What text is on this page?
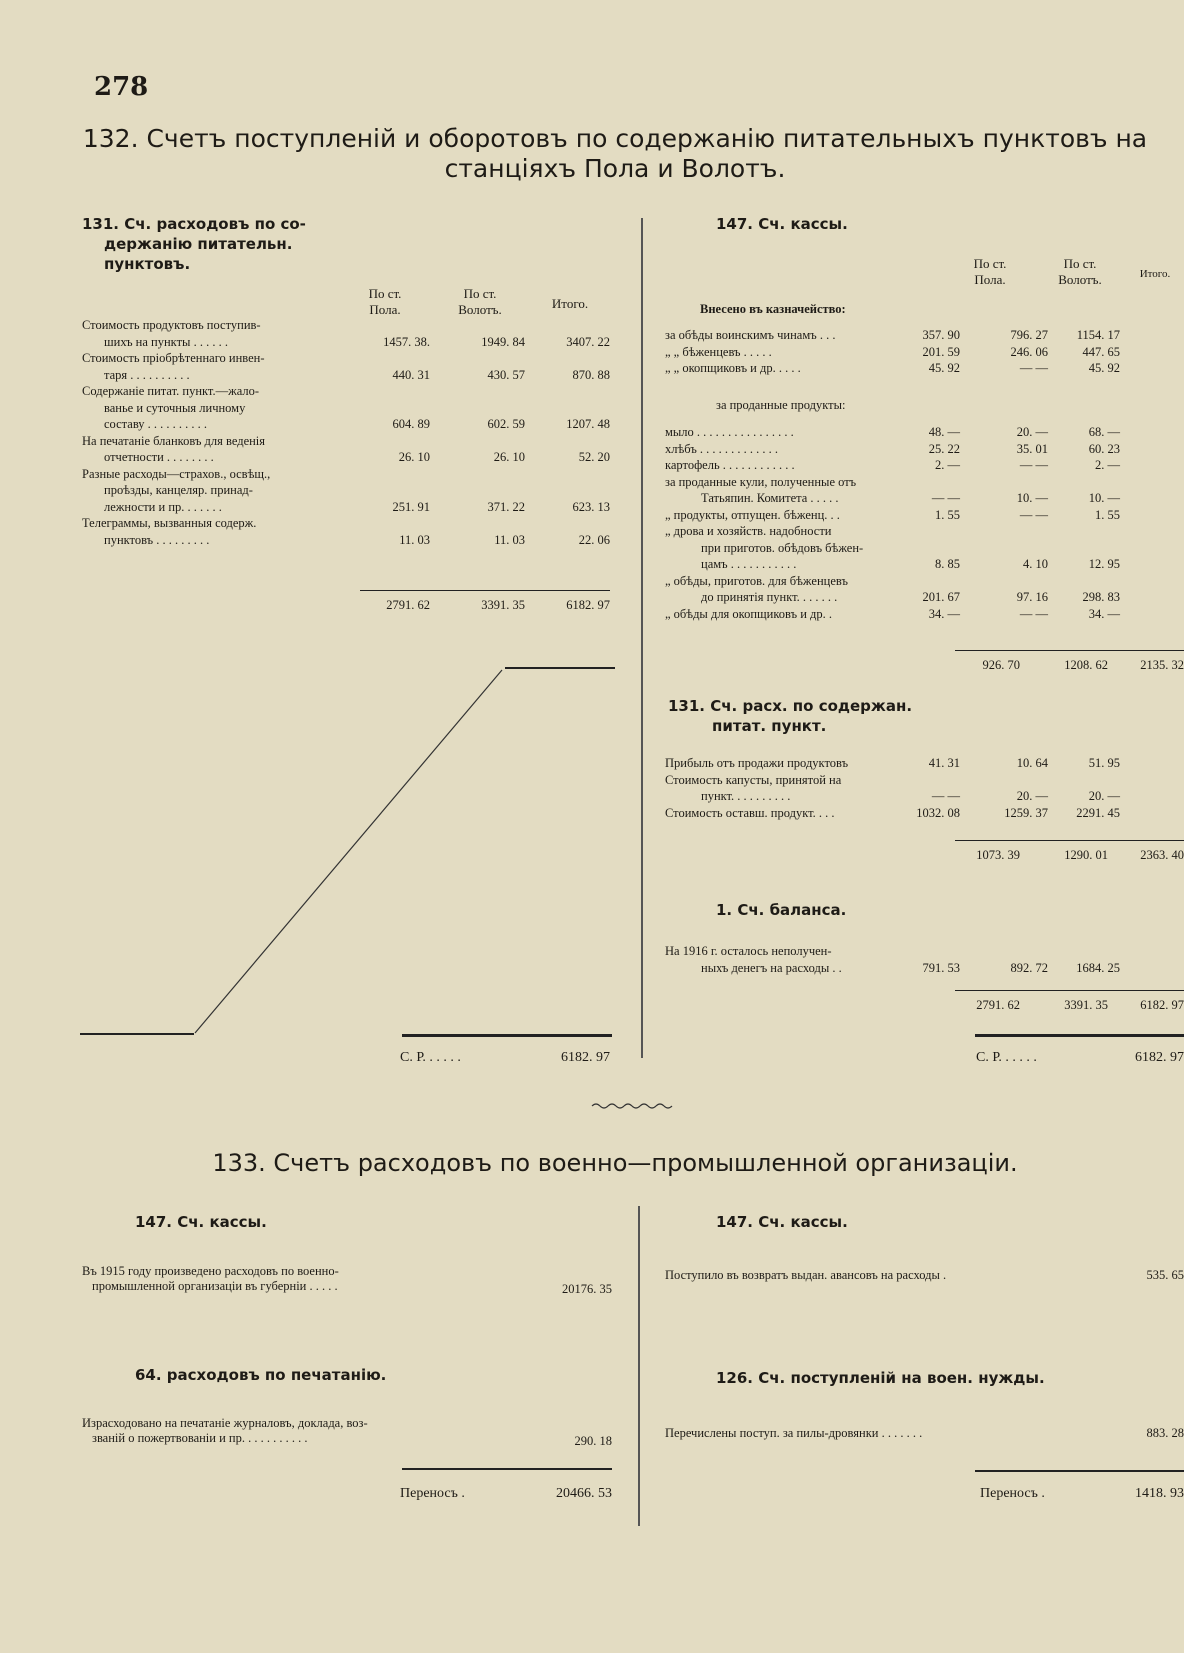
278
132. Счетъ поступленій и оборотовъ по содержанію питательныхъ пунктовъ на
станціяхъ Пола и Волотъ.
131. Сч. расходовъ по со-
держанію питательн.
пунктовъ.
По ст. Пола.
По ст. Волотъ.	Итого.
Стоимость продуктовъ поступив-
шихъ на пункты . . . . . .	1457. 38.	1949. 84	3407. 22
Стоимость пріобрѣтеннаго инвен-
таря . . . . . . . . . .	440. 31	430. 57	870. 88
Содержаніе питат. пункт.—жало-
ванье и суточныя личному
составу . . . . . . . . . .	604. 89	602. 59	1207. 48
На печатаніе бланковъ для веденія
отчетности . . . . . . . .	26. 10	26. 10	52. 20
Разные расходы—страхов., освѣщ.,
проѣзды, канцеляр. принад-
лежности и пр. . . . . . .	251. 91	371. 22	623. 13
Телеграммы, вызванныя содерж.
пунктовъ . . . . . . . . .	11. 03	11. 03	22. 06
2791. 62	3391. 35	6182. 97
С. Р. . . . . .	6182. 97
147. Сч. кассы.
По ст. Пола.
По ст. Волотъ.	Итого.
Внесено въ казначейство:
за обѣды воинскимъ чинамъ . . .	357. 90	796. 27	1154. 17
„ „ бѣженцевъ . . . . .	201. 59	246. 06	447. 65
„ „ окопщиковъ и др. . . . .	45. 92	— —	45. 92
за проданные продукты:
мыло . . . . . . . . . . . . . . . .	48. —	20. —	68. —
хлѣбъ . . . . . . . . . . . . .	25. 22	35. 01	60. 23
картофель . . . . . . . . . . . .	2. —	— —	2. —
за проданные кули, полученные отъ
Татьяпин. Комитета . . . . .	— —	10. —	10. —
„ продукты, отпущен. бѣженц. . .	1. 55	— —	1. 55
„ дрова и хозяйств. надобности
при приготов. обѣдовъ бѣжен-
цамъ . . . . . . . . . . .	8. 85	4. 10	12. 95
„ обѣды, приготов. для бѣженцевъ
до принятія пункт. . . . . . .	201. 67	97. 16	298. 83
„ обѣды для окопщиковъ и др. .	34. —	— —	34. —
926. 70	1208. 62	2135. 32
131. Сч. расх. по содержан.
питат. пункт.
Прибыль отъ продажи продуктовъ	41. 31	10. 64	51. 95
Стоимость капусты, принятой на
пункт. . . . . . . . . .	— —	20. —	20. —
Стоимость оставш. продукт. . . .	1032. 08	1259. 37	2291. 45
1073. 39	1290. 01	2363. 40
1. Сч. баланса.
На 1916 г. осталось неполучен-
ныхъ денегъ на расходы . .	791. 53	892. 72	1684. 25
2791. 62	3391. 35	6182. 97
С. Р. . . . . .	6182. 97
133. Счетъ расходовъ по военно—промышленной организаціи.
147. Сч. кассы.
Въ 1915 году произведено расходовъ по военно-
промышленной организаціи въ губерніи . . . . .	20176. 35
64. расходовъ по печатанію.
Израсходовано на печатаніе журналовъ, доклада, воз-
званій о пожертвованіи и пр. . . . . . . . . . .	290. 18
Переносъ .	20466. 53
147. Сч. кассы.
Поступило въ возвратъ выдан. авансовъ на расходы .	535. 65
126. Сч. поступленій на воен. нужды.
Перечислены поступ. за пилы-дровянки . . . . . . .	883. 28
Переносъ .	1418. 93
